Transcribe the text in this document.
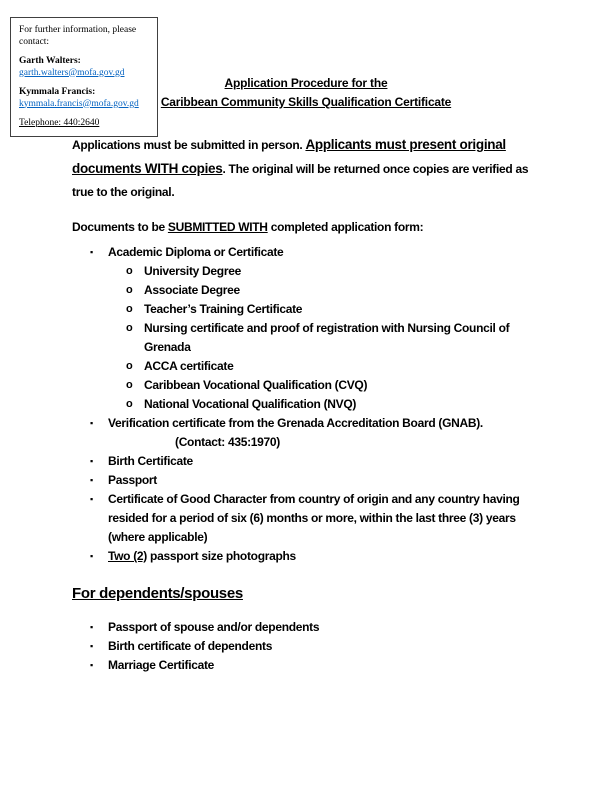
For further information, please contact:
Garth Walters:
garth.walters@mofa.gov.gd
Kymmala Francis:
kymmala.francis@mofa.gov.gd
Telephone: 440:2640
Application Procedure for the
Caribbean Community Skills Qualification Certificate

Applications must be submitted in person. Applicants must present original documents WITH copies. The original will be returned once copies are verified as true to the original.

Documents to be SUBMITTED WITH completed application form:

▪	Academic Diploma or Certificate
o University Degree
o Associate Degree
o Teacher’s Training Certificate
o Nursing certificate and proof of registration with Nursing Council of Grenada
o ACCA certificate
o Caribbean Vocational Qualification (CVQ)
o National Vocational Qualification (NVQ)
▪	Verification certificate from the Grenada Accreditation Board (GNAB).
(Contact: 435:1970)
▪	Birth Certificate
▪	Passport
▪	Certificate of Good Character from country of origin and any country having resided for a period of six (6) months or more, within the last three (3) years (where applicable)
▪	Two (2) passport size photographs
For dependents/spouses
▪	Passport of spouse and/or dependents
▪	Birth certificate of dependents
▪	Marriage Certificate
